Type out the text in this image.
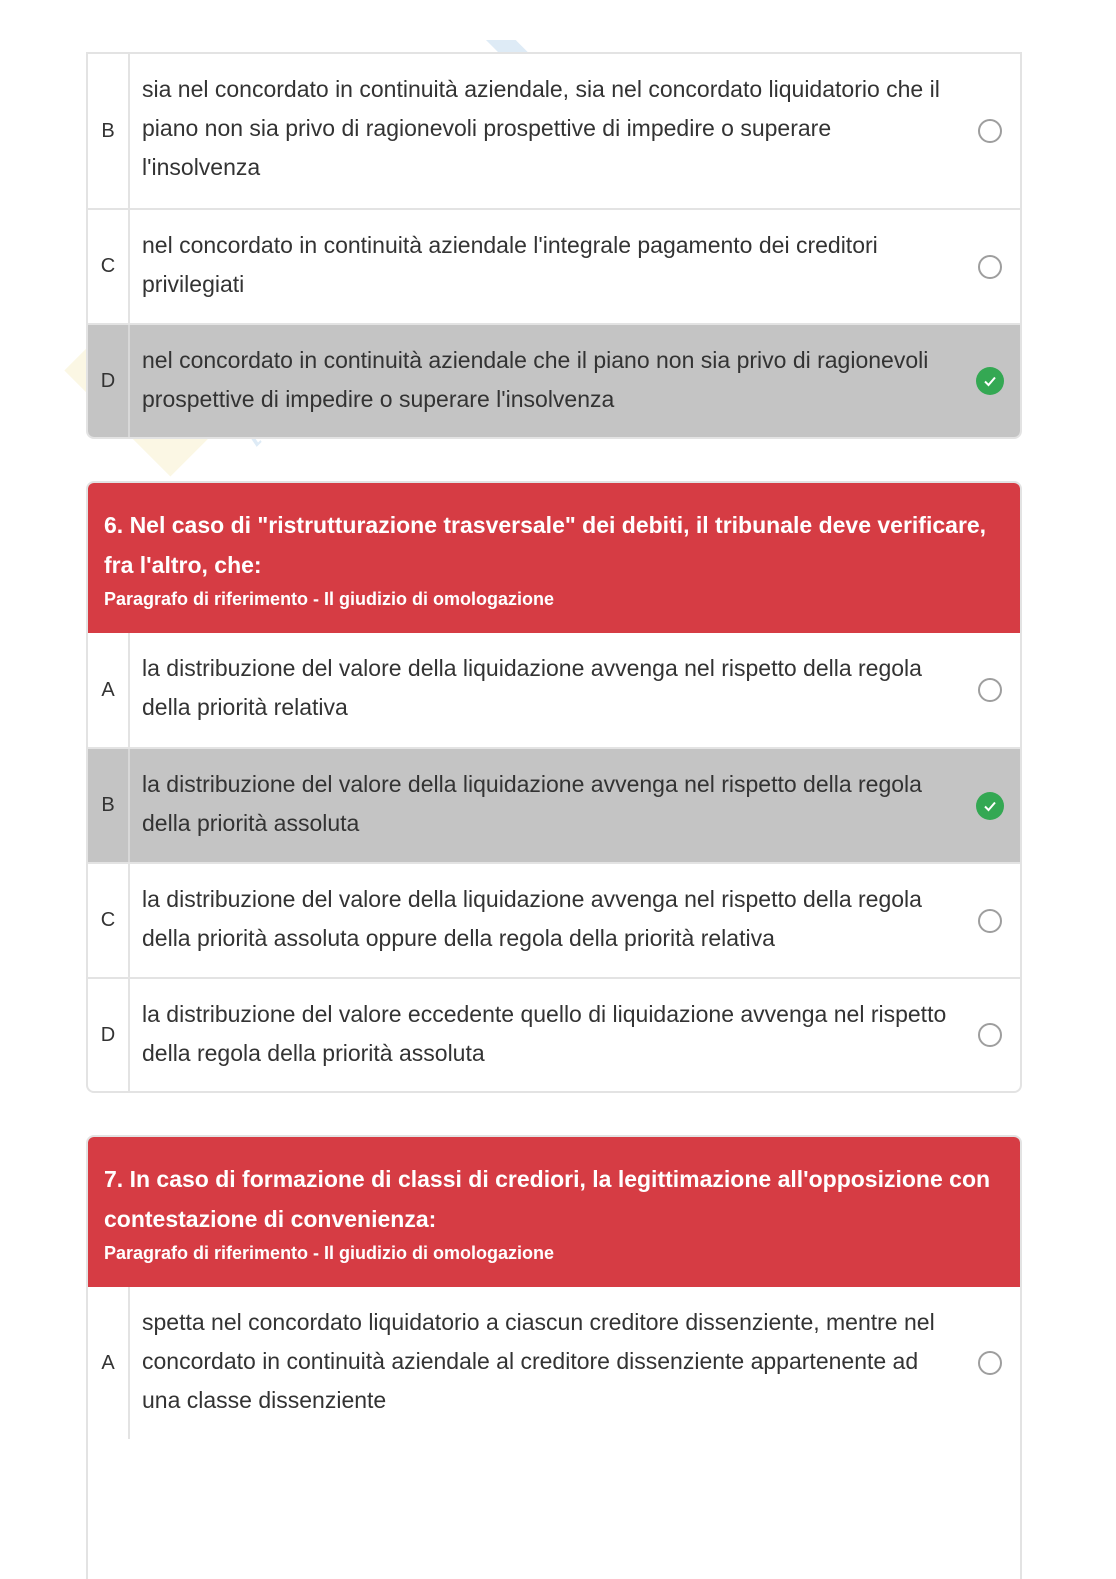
B
sia nel concordato in continuità aziendale, sia nel concordato liquidatorio che il piano non sia privo di ragionevoli prospettive di impedire o superare l'insolvenza
C
nel concordato in continuità aziendale l'integrale pagamento dei creditori privilegiati
D
nel concordato in continuità aziendale che il piano non sia privo di ragionevoli prospettive di impedire o superare l'insolvenza
6. Nel caso di "ristrutturazione trasversale" dei debiti, il tribunale deve verificare, fra l'altro, che:
Paragrafo di riferimento - Il giudizio di omologazione
A
la distribuzione del valore della liquidazione avvenga nel rispetto della regola della priorità relativa
B
la distribuzione del valore della liquidazione avvenga nel rispetto della regola della priorità assoluta
C
la distribuzione del valore della liquidazione avvenga nel rispetto della regola della priorità assoluta oppure della regola della priorità relativa
D
la distribuzione del valore eccedente quello di liquidazione avvenga nel rispetto della regola della priorità assoluta
7. In caso di formazione di classi di crediori, la legittimazione all'opposizione con contestazione di convenienza:
Paragrafo di riferimento - Il giudizio di omologazione
A
spetta nel concordato liquidatorio a ciascun creditore dissenziente, mentre nel concordato in continuità aziendale al creditore dissenziente appartenente ad una classe dissenziente
